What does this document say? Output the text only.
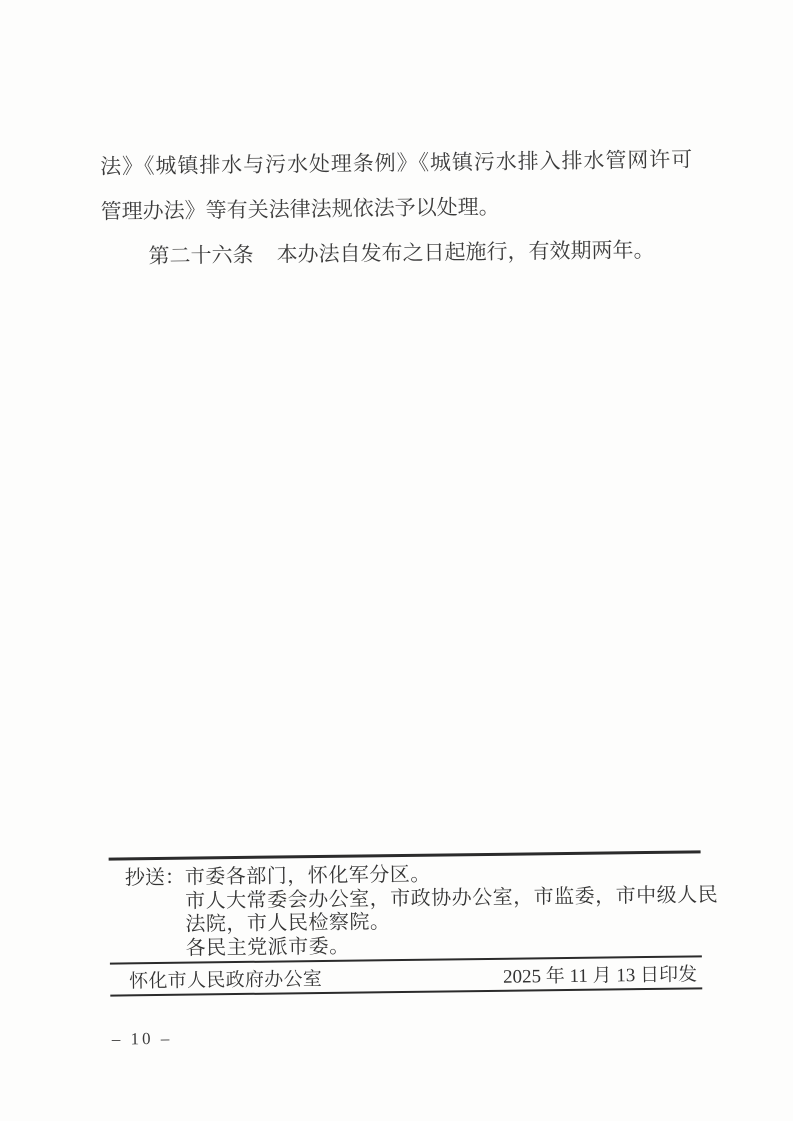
法》《城镇排水与污水处理条例》《城镇污水排入排水管网许可
管理办法》等有关法律法规依法予以处理。
第二十六条 本办法自发布之日起施行，有效期两年。
抄送： 市委各部门，怀化军分区。
市人大常委会办公室，市政协办公室，市监委，市中级人民
法院，市人民检察院。
各民主党派市委。
怀化市人民政府办公室	2025 年 11 月 13 日印发
– 10 –
